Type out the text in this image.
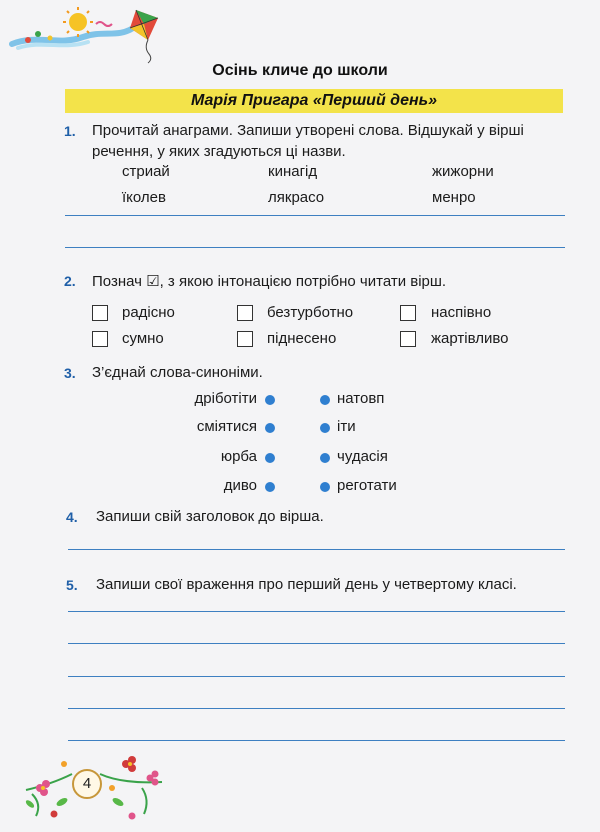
Осінь кличе до школи
Марія Пригара «Перший день»
1. Прочитай анаграми. Запиши утворені слова. Відшукай у вірші
речення, у яких згадуються ці назви.
стриай	кинагід	жижорни
їколев	лякрасо	менро
2. Познач ☑, з якою інтонацією потрібно читати вірш.
радісно	безтурботно	наспівно
сумно	піднесено	жартівливо
3. З’єднай слова-синоніми.
дріботіти
сміятися
юрба
диво
натовп
іти
чудасія
реготати
4. Запиши свій заголовок до вірша.
5. Запиши свої враження про перший день у четвертому класі.
4
